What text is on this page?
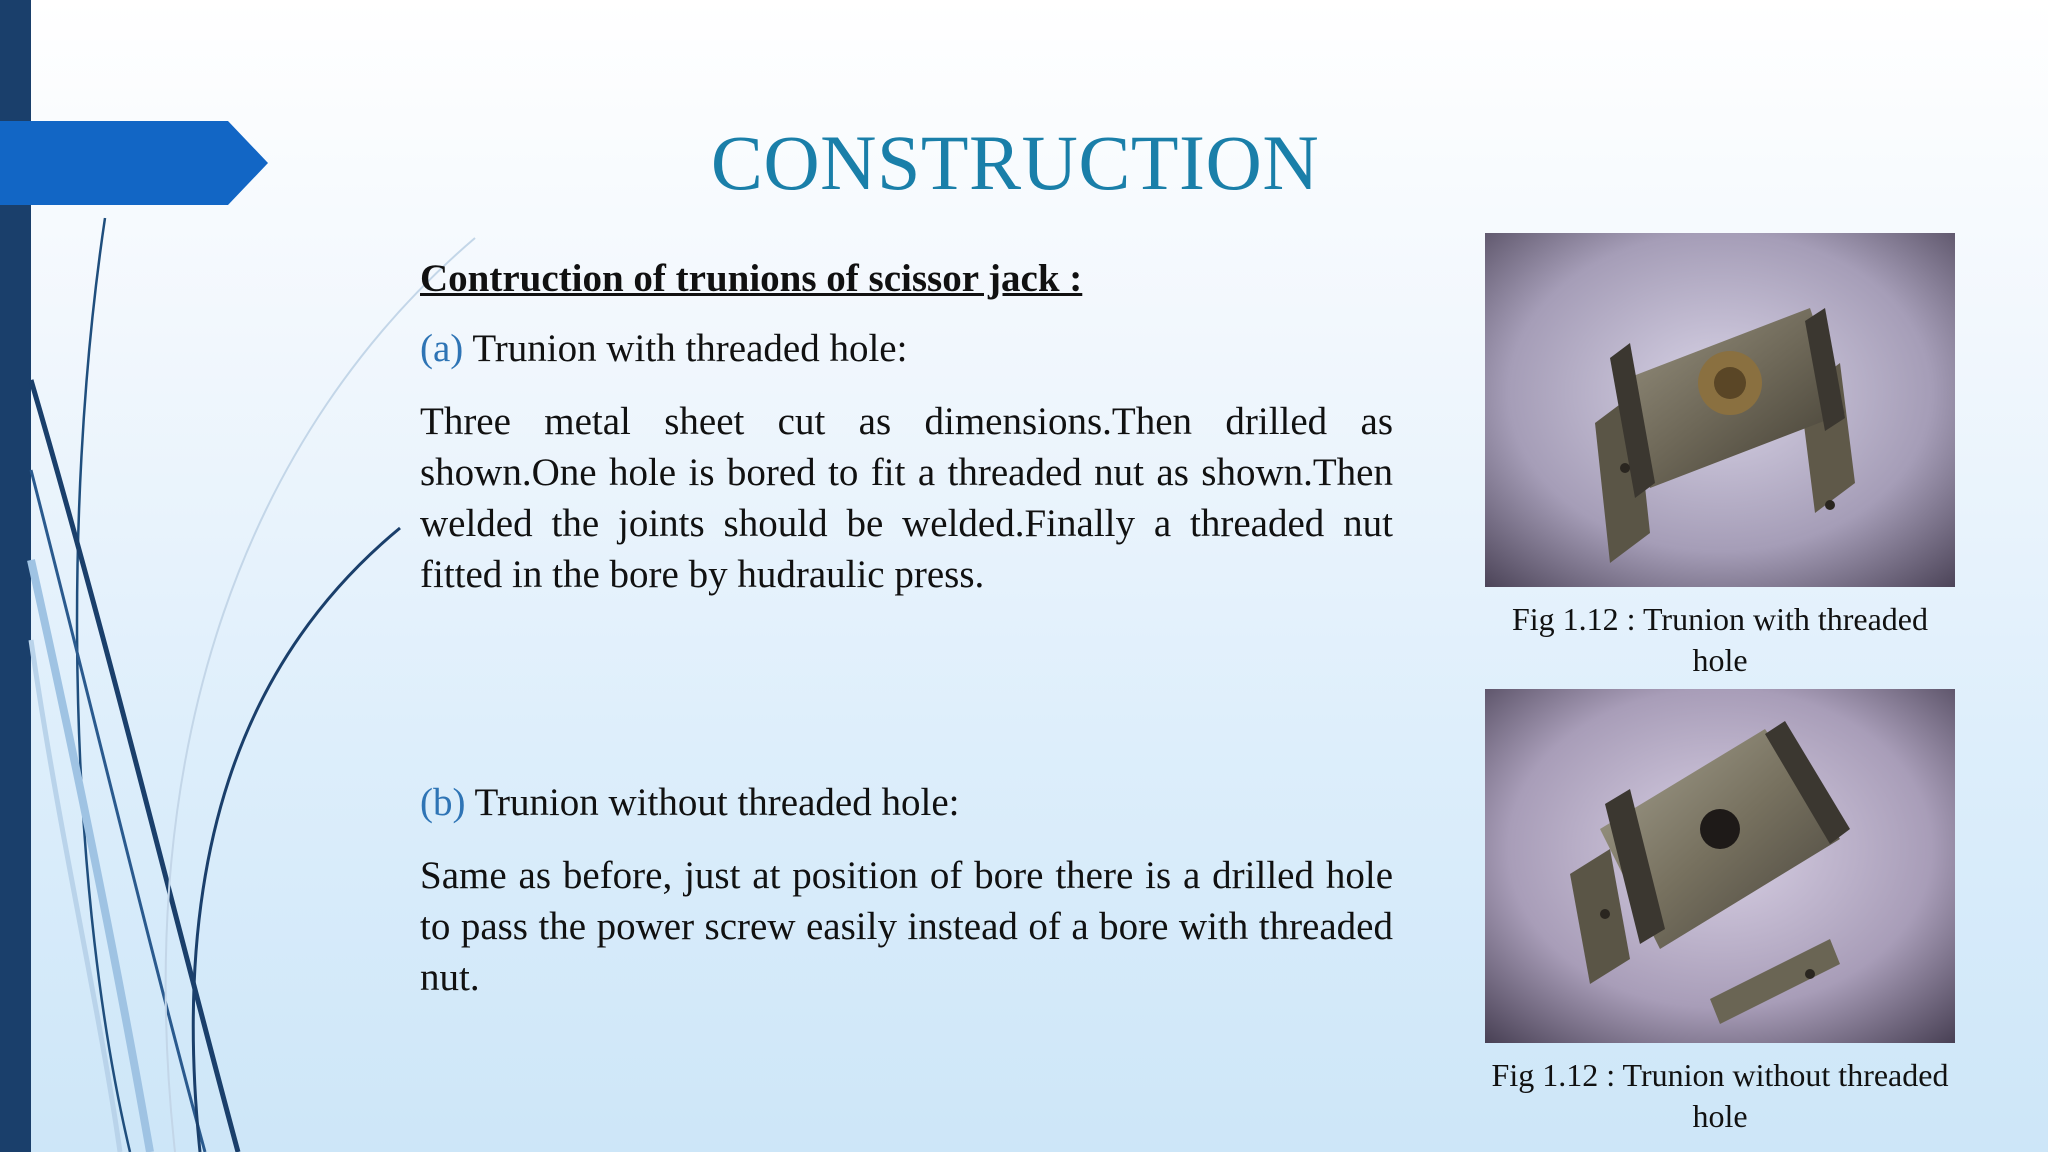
CONSTRUCTION

Contruction of trunions of scissor jack :

(a) Trunion with threaded hole:

Three metal sheet cut as dimensions.Then drilled as shown.One hole is bored to fit a threaded nut as shown.Then welded the joints should be welded.Finally a threaded nut fitted in the bore by hudraulic press.

(b) Trunion without threaded hole:

Same as before, just at position of bore there is a drilled hole to pass the power screw easily instead of a bore with threaded nut.

Fig 1.12 : Trunion with threaded hole
Fig 1.12 : Trunion without threaded hole
